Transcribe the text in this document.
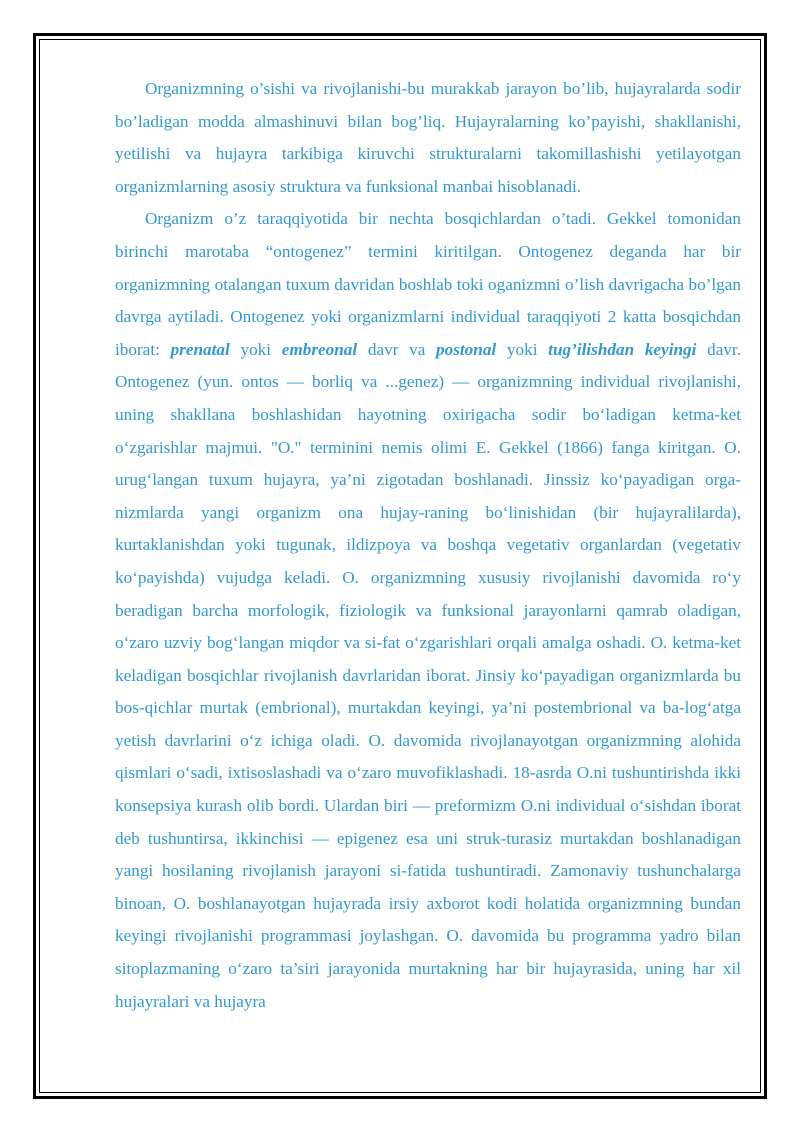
Organizmning o’sishi va rivojlanishi-bu murakkab jarayon bo’lib, hujayralarda sodir bo’ladigan modda almashinuvi bilan bog’liq. Hujayralarning ko’payishi, shakllanishi, yetilishi va hujayra tarkibiga kiruvchi strukturalarni takomillashishi yetilayotgan organizmlarning asosiy struktura va funksional manbai hisoblanadi.

Organizm o’z taraqqiyotida bir nechta bosqichlardan o’tadi. Gekkel tomonidan birinchi marotaba “ontogenez” termini kiritilgan. Ontogenez deganda har bir organizmning otalangan tuxum davridan boshlab toki oganizmni o’lish davrigacha bo’lgan davrga aytiladi. Ontogenez yoki organizmlarni individual taraqqiyoti 2 katta bosqichdan iborat: prenatal yoki embreonal davr va postonal yoki tug’ilishdan keyingi davr. Ontogenez (yun. ontos — borliq va ...genez) — organizmning individual rivojlanishi, uning shakllana boshlashidan hayotning oxirigacha sodir bo‘ladigan ketma-ket o‘zgarishlar majmui. "O." terminini nemis olimi E. Gekkel (1866) fanga kiritgan. O. urug‘langan tuxum hujayra, ya’ni zigotadan boshlanadi. Jinssiz ko‘payadigan orga-nizmlarda yangi organizm ona hujay-raning bo‘linishidan (bir hujayralilarda), kurtaklanishdan yoki tugunak, ildizpoya va boshqa vegetativ organlardan (vegetativ ko‘payishda) vujudga keladi. O. organizmning xususiy rivojlanishi davomida ro‘y beradigan barcha morfologik, fiziologik va funksional jarayonlarni qamrab oladigan, o‘zaro uzviy bog‘langan miqdor va si-fat o‘zgarishlari orqali amalga oshadi. O. ketma-ket keladigan bosqichlar rivojlanish davrlaridan iborat. Jinsiy ko‘payadigan organizmlarda bu bos-qichlar murtak (embrional), murtakdan keyingi, ya’ni postembrional va ba-log‘atga yetish davrlarini o‘z ichiga oladi. O. davomida rivojlanayotgan organizmning alohida qismlari o‘sadi, ixtisoslashadi va o‘zaro muvofiklashadi. 18-asrda O.ni tushuntirishda ikki konsepsiya kurash olib bordi. Ulardan biri — preformizm O.ni individual o‘sishdan iborat deb tushuntirsa, ikkinchisi — epigenez esa uni struk-turasiz murtakdan boshlanadigan yangi hosilaning rivojlanish jarayoni si-fatida tushuntiradi. Zamonaviy tushunchalarga binoan, O. boshlanayotgan hujayrada irsiy axborot kodi holatida organizmning bundan keyingi rivojlanishi programmasi joylashgan. O. davomida bu programma yadro bilan sitoplazmaning o‘zaro ta’siri jarayonida murtakning har bir hujayrasida, uning har xil hujayralari va hujayra
